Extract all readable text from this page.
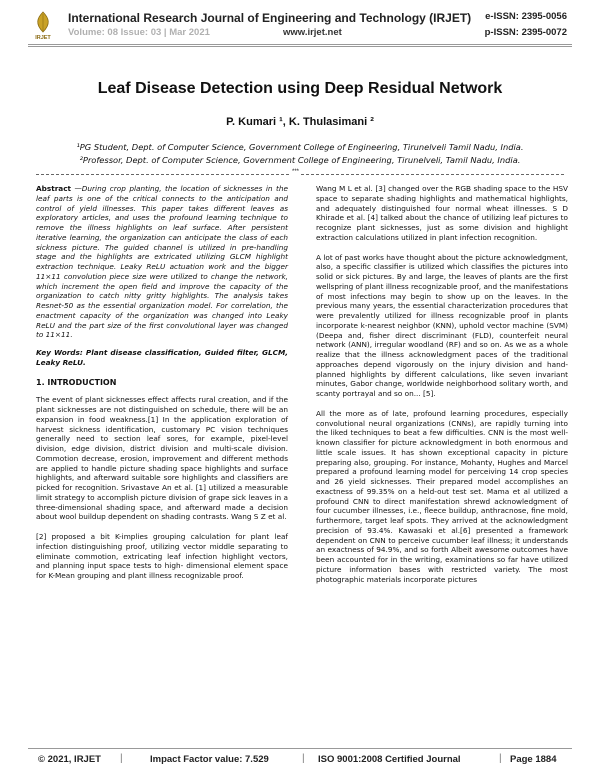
IRJET
International Research Journal of Engineering and Technology (IRJET)
Volume: 08 Issue: 03 | Mar 2021	www.irjet.net
e-ISSN: 2395-0056
p-ISSN: 2395-0072
Leaf Disease Detection using Deep Residual Network
P. Kumari ¹, K. Thulasimani ²
¹PG Student, Dept. of Computer Science, Government College of Engineering, Tirunelveli Tamil Nadu, India.
²Professor, Dept. of Computer Science, Government College of Engineering, Tirunelveli, Tamil Nadu, India.
***

Abstract —During crop planting, the location of sicknesses in the leaf parts is one of the critical connects to the anticipation and control of yield illnesses. This paper takes different leaves as exploratory articles, and uses the profound learning technique to remove the illness highlights on leaf surface. After persistent iterative learning, the organization can anticipate the class of each sickness picture. The guided channel is utilized in pre-handling stage and the highlights are extricated utilizing GLCM highlight extraction technique. Leaky ReLU actuation work and the bigger 11×11 convolution piece size were utilized to change the network, which increment the open field and improve the capacity of the organization to catch nitty gritty highlights. The analysis takes Resnet-50 as the essential organization model. For correlation, the enactment capacity of the organization was changed into Leaky ReLU and the part size of the first convolutional layer was changed to 11×11.

Key Words: Plant disease classification, Guided filter, GLCM, Leaky ReLU.

1. INTRODUCTION

The event of plant sicknesses effect affects rural creation, and if the plant sicknesses are not distinguished on schedule, there will be an expansion in food weakness.[1] In the application exploration of harvest sickness identification, customary PC vision techniques generally need to section leaf sores, for example, pixel-level division, edge division, district division and multi-scale division. Commotion decrease, erosion, improvement and different methods are applied to handle picture shading space highlights and surface highlights, and afterward suitable sore highlights and classifiers are picked for recognition. Srivastave An et al. [1] utilized a measurable limit strategy to accomplish picture division of grape sick leaves in a three-dimensional shading space, and afterward made a decision about wool buildup dependent on shading contrasts. Wang S Z et al.

[2] proposed a bit K-implies grouping calculation for plant leaf infection distinguishing proof, utilizing vector middle separating to eliminate commotion, extricating leaf infection highlight vectors, and planning input space tests to high- dimensional element space for K-Mean grouping and plant illness recognizable proof.

Wang M L et al. [3] changed over the RGB shading space to the HSV space to separate shading highlights and mathematical highlights, and adequately distinguished four normal wheat illnesses. S D Khirade et al. [4] talked about the chance of utilizing leaf pictures to recognize plant sicknesses, just as some division and highlight extraction calculations utilized in plant infection recognition.

A lot of past works have thought about the picture acknowledgment, also, a specific classifier is utilized which classifies the pictures into solid or sick pictures. By and large, the leaves of plants are the first wellspring of plant illness recognizable proof, and the manifestations of most infections may begin to show up on the leaves. In the previous many years, the essential characterization procedures that were prevalently utilized for illness recognizable proof in plants incorporate k-nearest neighbor (KNN), uphold vector machine (SVM) (Deepa and, fisher direct discriminant (FLD), counterfeit neural network (ANN), irregular woodland (RF) and so on. As we as a whole realize that the illness acknowledgment paces of the traditional approaches depend vigorously on the injury division and hand-planned highlights by different calculations, like seven invariant minutes, Gabor change, worldwide neighborhood solitary worth, and scanty portrayal and so on... [5].

All the more as of late, profound learning procedures, especially convolutional neural organizations (CNNs), are rapidly turning into the liked techniques to beat a few difficulties. CNN is the most well-known classifier for picture acknowledgment in both enormous and little scale issues. It has shown exceptional capacity in picture preparing also, grouping. For instance, Mohanty, Hughes and Marcel prepared a profound learning model for perceiving 14 crop species and 26 yield sicknesses. Their prepared model accomplishes an exactness of 99.35% on a held-out test set. Mama et al utilized a profound CNN to direct manifestation shrewd acknowledgment of four cucumber illnesses, i.e., fleece buildup, anthracnose, fine mold, furthermore, target leaf spots. They arrived at the acknowledgment precision of 93.4%. Kawasaki et al.[6] presented a framework dependent on CNN to perceive cucumber leaf illness; it understands an exactness of 94.9%, and so forth Albeit awesome outcomes have been accounted for in the writing, examinations so far have utilized picture information bases with restricted variety. The most photographic materials incorporate pictures

© 2021, IRJET |	Impact Factor value: 7.529	| ISO 9001:2008 Certified Journal	| Page 1884
